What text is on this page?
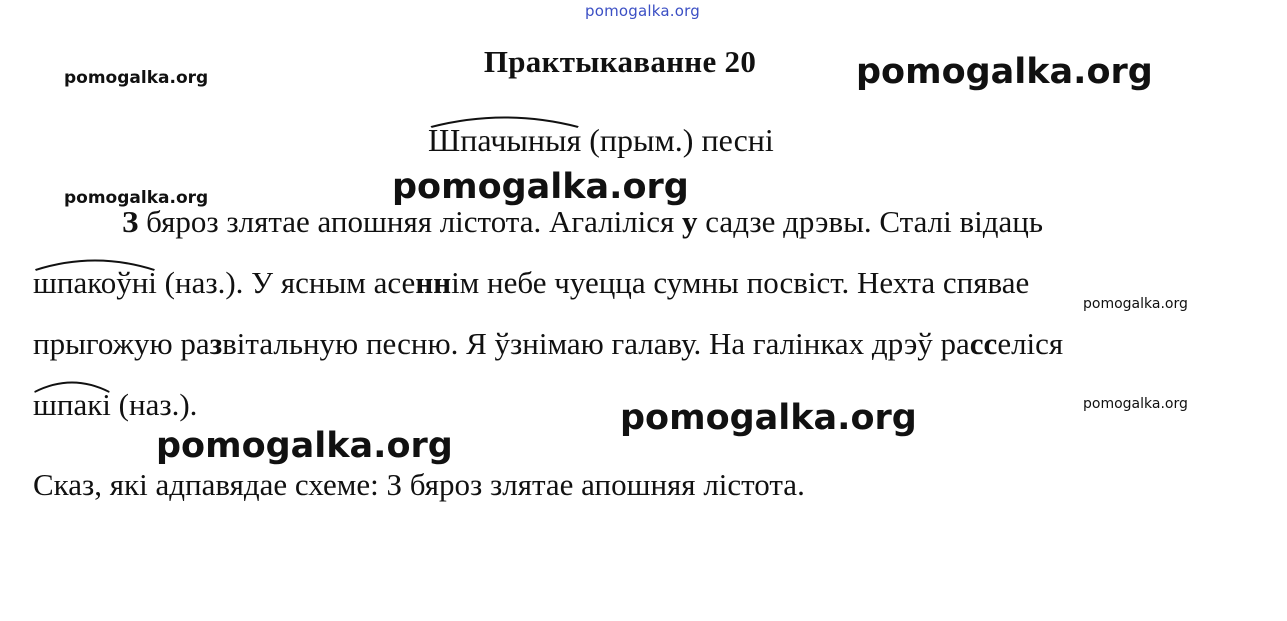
pomogalka.org
pomogalka.org	pomogalka.org
pomogalka.org	pomogalka.org
pomogalka.org
pomogalka.org
pomogalka.org
pomogalka.org
Практыкаванне 20
Шпачыныя (прым.) песні
З бяроз злятае апошняя лістота. Агаліліся у садзе дрэвы. Сталі відаць
шпакоўні (наз.). У ясным асеннім небе чуецца сумны посвіст. Нехта спявае
прыгожую развітальную песню. Я ўзнімаю галаву. На галінках дрэў расселіся
шпакі (наз.).
Сказ, які адпавядае схеме: З бяроз злятае апошняя лістота.
